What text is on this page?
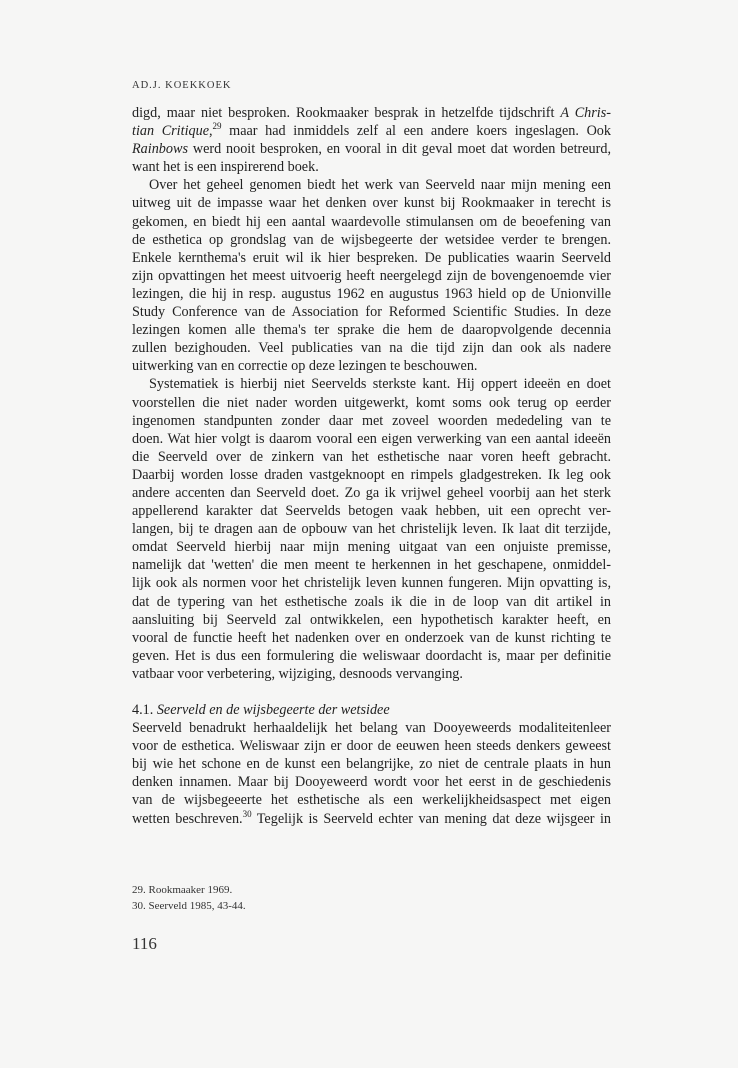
AD.J. KOEKKOEK
digd, maar niet besproken. Rookmaaker besprak in hetzelfde tijdschrift A Chris-
tian Critique,$^{29}$ maar had inmiddels zelf al een andere koers ingeslagen. Ook
Rainbows werd nooit besproken, en vooral in dit geval moet dat worden betreurd,
want het is een inspirerend boek.
Over het geheel genomen biedt het werk van Seerveld naar mijn mening een
uitweg uit de impasse waar het denken over kunst bij Rookmaaker in terecht is
gekomen, en biedt hij een aantal waardevolle stimulansen om de beoefening van
de esthetica op grondslag van de wijsbegeerte der wetsidee verder te brengen.
Enkele kernthema's eruit wil ik hier bespreken. De publicaties waarin Seerveld
zijn opvattingen het meest uitvoerig heeft neergelegd zijn de bovengenoemde vier
lezingen, die hij in resp. augustus 1962 en augustus 1963 hield op de Unionville
Study Conference van de Association for Reformed Scientific Studies. In deze
lezingen komen alle thema's ter sprake die hem de daaropvolgende decennia
zullen bezighouden. Veel publicaties van na die tijd zijn dan ook als nadere
uitwerking van en correctie op deze lezingen te beschouwen.
Systematiek is hierbij niet Seervelds sterkste kant. Hij oppert ideeën en doet
voorstellen die niet nader worden uitgewerkt, komt soms ook terug op eerder
ingenomen standpunten zonder daar met zoveel woorden mededeling van te
doen. Wat hier volgt is daarom vooral een eigen verwerking van een aantal ideeën
die Seerveld over de zinkern van het esthetische naar voren heeft gebracht.
Daarbij worden losse draden vastgeknoopt en rimpels gladgestreken. Ik leg ook
andere accenten dan Seerveld doet. Zo ga ik vrijwel geheel voorbij aan het sterk
appellerend karakter dat Seervelds betogen vaak hebben, uit een oprecht ver-
langen, bij te dragen aan de opbouw van het christelijk leven. Ik laat dit terzijde,
omdat Seerveld hierbij naar mijn mening uitgaat van een onjuiste premisse,
namelijk dat 'wetten' die men meent te herkennen in het geschapene, onmiddel-
lijk ook als normen voor het christelijk leven kunnen fungeren. Mijn opvatting is,
dat de typering van het esthetische zoals ik die in de loop van dit artikel in
aansluiting bij Seerveld zal ontwikkelen, een hypothetisch karakter heeft, en
vooral de functie heeft het nadenken over en onderzoek van de kunst richting te
geven. Het is dus een formulering die weliswaar doordacht is, maar per definitie
vatbaar voor verbetering, wijziging, desnoods vervanging.
4.1. Seerveld en de wijsbegeerte der wetsidee
Seerveld benadrukt herhaaldelijk het belang van Dooyeweerds modaliteitenleer
voor de esthetica. Weliswaar zijn er door de eeuwen heen steeds denkers geweest
bij wie het schone en de kunst een belangrijke, zo niet de centrale plaats in hun
denken innamen. Maar bij Dooyeweerd wordt voor het eerst in de geschiedenis
van de wijsbegeeerte het esthetische als een werkelijkheidsaspect met eigen
wetten beschreven.$^{30}$ Tegelijk is Seerveld echter van mening dat deze wijsgeer in
29. Rookmaaker 1969.
30. Seerveld 1985, 43-44.
116
